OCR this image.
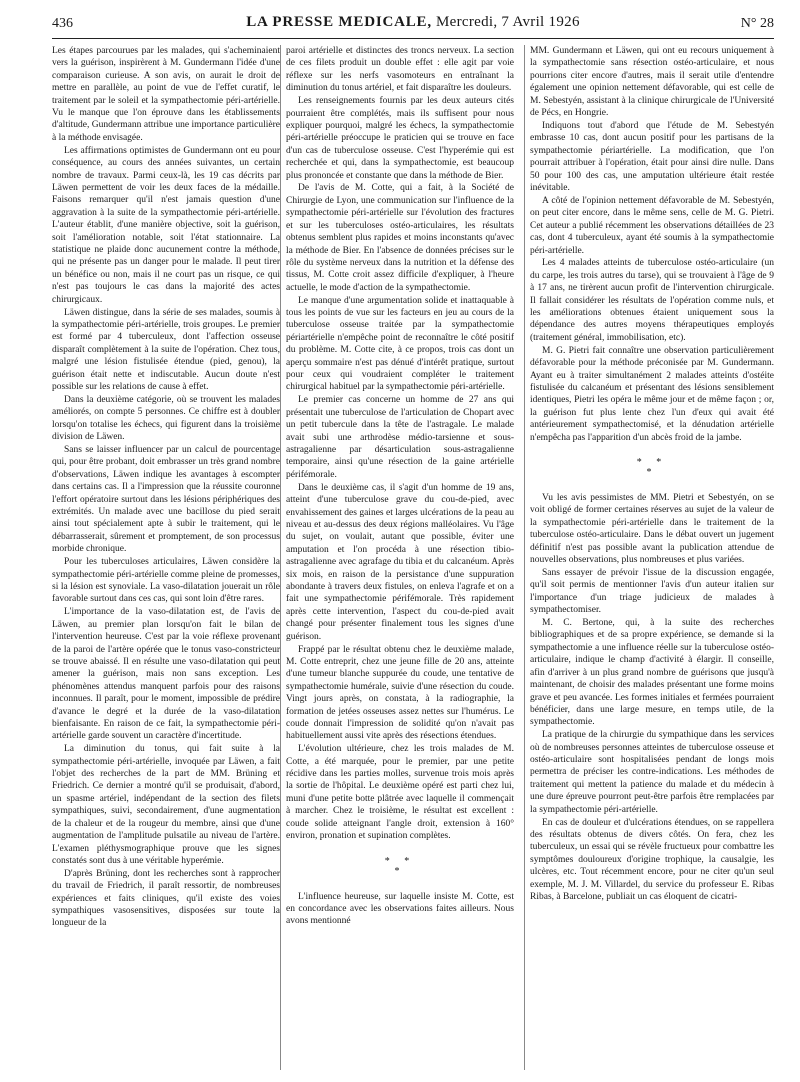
436	LA PRESSE MEDICALE, Mercredi, 7 Avril 1926	N° 28

Les étapes parcourues par les malades, qui s'acheminaient vers la guérison, inspirèrent à M. Gundermann l'idée d'une comparaison curieuse. A son avis, on aurait le droit de mettre en parallèle, au point de vue de l'effet curatif, le traitement par le soleil et la sympathectomie péri-artérielle. Vu le manque que l'on éprouve dans les établissements d'altitude, Gundermann attribue une importance particulière à la méthode envisagée.

Les affirmations optimistes de Gundermann ont eu pour conséquence, au cours des années suivantes, un certain nombre de travaux. Parmi ceux-là, les 19 cas décrits par Läwen permettent de voir les deux faces de la médaille. Faisons remarquer qu'il n'est jamais question d'une aggravation à la suite de la sympathectomie péri-artérielle. L'auteur établit, d'une manière objective, soit la guérison, soit l'amélioration notable, soit l'état stationnaire. La statistique ne plaide donc aucunement contre la méthode, qui ne présente pas un danger pour le malade. Il peut tirer un bénéfice ou non, mais il ne court pas un risque, ce qui n'est pas toujours le cas dans la majorité des actes chirurgicaux.

Läwen distingue, dans la série de ses malades, soumis à la sympathectomie péri-artérielle, trois groupes. Le premier est formé par 4 tuberculeux, dont l'affection osseuse disparaît complètement à la suite de l'opération. Chez tous, malgré une lésion fistulisée étendue (pied, genou), la guérison était nette et indiscutable. Aucun doute n'est possible sur les relations de cause à effet.

Dans la deuxième catégorie, où se trouvent les malades améliorés, on compte 5 personnes. Ce chiffre est à doubler lorsqu'on totalise les échecs, qui figurent dans la troisième division de Läwen.

Sans se laisser influencer par un calcul de pourcentage qui, pour être probant, doit embrasser un très grand nombre d'observations, Läwen indique les avantages à escompter dans certains cas. Il a l'impression que la réussite couronne l'effort opératoire surtout dans les lésions périphériques des extrémités. Un malade avec une bacillose du pied serait ainsi tout spécialement apte à subir le traitement, qui le débarrasserait, sûrement et promptement, de son processus morbide chronique.

Pour les tuberculoses articulaires, Läwen considère la sympathectomie péri-artérielle comme pleine de promesses, si la lésion est synoviale. La vaso-dilatation jouerait un rôle favorable surtout dans ces cas, qui sont loin d'être rares.

L'importance de la vaso-dilatation est, de l'avis de Läwen, au premier plan lorsqu'on fait le bilan de l'intervention heureuse. C'est par la voie réflexe provenant de la paroi de l'artère opérée que le tonus vaso-constricteur se trouve abaissé. Il en résulte une vaso-dilatation qui peut amener la guérison, mais non sans exception. Les phénomènes attendus manquent parfois pour des raisons inconnues. Il paraît, pour le moment, impossible de prédire d'avance le degré et la durée de la vaso-dilatation bienfaisante. En raison de ce fait, la sympathectomie péri-artérielle garde souvent un caractère d'incertitude.

La diminution du tonus, qui fait suite à la sympathectomie péri-artérielle, invoquée par Läwen, a fait l'objet des recherches de la part de MM. Brüning et Friedrich. Ce dernier a montré qu'il se produisait, d'abord, un spasme artériel, indépendant de la section des filets sympathiques, suivi, secondairement, d'une augmentation de la chaleur et de la rougeur du membre, ainsi que d'une augmentation de l'amplitude pulsatile au niveau de l'artère. L'examen pléthysmographique prouve que les signes constatés sont dus à une véritable hyperémie.

D'après Brüning, dont les recherches sont à rapprocher du travail de Friedrich, il paraît ressortir, de nombreuses expériences et faits cliniques, qu'il existe des voies sympathiques vasosensitives, disposées sur toute la longueur de la

paroi artérielle et distinctes des troncs nerveux. La section de ces filets produit un double effet : elle agit par voie réflexe sur les nerfs vasomoteurs en entraînant la diminution du tonus artériel, et fait disparaître les douleurs.

Les renseignements fournis par les deux auteurs cités pourraient être complétés, mais ils suffisent pour nous expliquer pourquoi, malgré les échecs, la sympathectomie péri-artérielle préoccupe le praticien qui se trouve en face d'un cas de tuberculose osseuse. C'est l'hyperémie qui est recherchée et qui, dans la sympathectomie, est beaucoup plus prononcée et constante que dans la méthode de Bier.

De l'avis de M. Cotte, qui a fait, à la Société de Chirurgie de Lyon, une communication sur l'influence de la sympathectomie péri-artérielle sur l'évolution des fractures et sur les tuberculoses ostéo-articulaires, les résultats obtenus semblent plus rapides et moins inconstants qu'avec la méthode de Bier. En l'absence de données précises sur le rôle du système nerveux dans la nutrition et la défense des tissus, M. Cotte croit assez difficile d'expliquer, à l'heure actuelle, le mode d'action de la sympathectomie.

Le manque d'une argumentation solide et inattaquable à tous les points de vue sur les facteurs en jeu au cours de la tuberculose osseuse traitée par la sympathectomie périartérielle n'empêche point de reconnaître le côté positif du problème. M. Cotte cite, à ce propos, trois cas dont un aperçu sommaire n'est pas dénué d'intérêt pratique, surtout pour ceux qui voudraient compléter le traitement chirurgical habituel par la sympathectomie péri-artérielle.

Le premier cas concerne un homme de 27 ans qui présentait une tuberculose de l'articulation de Chopart avec un petit tubercule dans la tête de l'astragale. Le malade avait subi une arthrodèse médio-tarsienne et sous-astragalienne par désarticulation sous-astragalienne temporaire, ainsi qu'une résection de la gaine artérielle périfémorale.

Dans le deuxième cas, il s'agit d'un homme de 19 ans, atteint d'une tuberculose grave du cou-de-pied, avec envahissement des gaines et larges ulcérations de la peau au niveau et au-dessus des deux régions malléolaires. Vu l'âge du sujet, on voulait, autant que possible, éviter une amputation et l'on procéda à une résection tibio-astragalienne avec agrafage du tibia et du calcanéum. Après six mois, en raison de la persistance d'une suppuration abondante à travers deux fistules, on enleva l'agrafe et on a fait une sympathectomie périfémorale. Très rapidement après cette intervention, l'aspect du cou-de-pied avait changé pour présenter finalement tous les signes d'une guérison.

Frappé par le résultat obtenu chez le deuxième malade, M. Cotte entreprit, chez une jeune fille de 20 ans, atteinte d'une tumeur blanche suppurée du coude, une tentative de sympathectomie humérale, suivie d'une résection du coude. Vingt jours après, on constata, à la radiographie, la formation de jetées osseuses assez nettes sur l'humérus. Le coude donnait l'impression de solidité qu'on n'avait pas habituellement aussi vite après des résections étendues.

L'évolution ultérieure, chez les trois malades de M. Cotte, a été marquée, pour le premier, par une petite récidive dans les parties molles, survenue trois mois après la sortie de l'hôpital. Le deuxième opéré est parti chez lui, muni d'une petite botte plâtrée avec laquelle il commençait à marcher. Chez le troisième, le résultat est excellent : coude solide atteignant l'angle droit, extension à 160° environ, pronation et supination complètes.

* *
*

L'influence heureuse, sur laquelle insiste M. Cotte, est en concordance avec les observations faites ailleurs. Nous avons mentionné

MM. Gundermann et Läwen, qui ont eu recours uniquement à la sympathectomie sans résection ostéo-articulaire, et nous pourrions citer encore d'autres, mais il serait utile d'entendre également une opinion nettement défavorable, qui est celle de M. Sebestyén, assistant à la clinique chirurgicale de l'Université de Pécs, en Hongrie.

Indiquons tout d'abord que l'étude de M. Sebestyén embrasse 10 cas, dont aucun positif pour les partisans de la sympathectomie périartérielle. La modification, que l'on pourrait attribuer à l'opération, était pour ainsi dire nulle. Dans 50 pour 100 des cas, une amputation ultérieure était restée inévitable.

A côté de l'opinion nettement défavorable de M. Sebestyén, on peut citer encore, dans le même sens, celle de M. G. Pietri. Cet auteur a publié récemment les observations détaillées de 23 cas, dont 4 tuberculeux, ayant été soumis à la sympathectomie péri-artérielle.

Les 4 malades atteints de tuberculose ostéo-articulaire (un du carpe, les trois autres du tarse), qui se trouvaient à l'âge de 9 à 17 ans, ne tirèrent aucun profit de l'intervention chirurgicale. Il fallait considérer les résultats de l'opération comme nuls, et les améliorations obtenues étaient uniquement sous la dépendance des autres moyens thérapeutiques employés (traitement général, immobilisation, etc).

M. G. Pietri fait connaître une observation particulièrement défavorable pour la méthode préconisée par M. Gundermann. Ayant eu à traiter simultanément 2 malades atteints d'ostéite fistulisée du calcanéum et présentant des lésions sensiblement identiques, Pietri les opéra le même jour et de même façon ; or, la guérison fut plus lente chez l'un d'eux qui avait été antérieurement sympathectomisé, et la dénudation artérielle n'empêcha pas l'apparition d'un abcès froid de la jambe.

* *
*

Vu les avis pessimistes de MM. Pietri et Sebestyén, on se voit obligé de former certaines réserves au sujet de la valeur de la sympathectomie péri-artérielle dans le traitement de la tuberculose ostéo-articulaire. Dans le débat ouvert un jugement définitif n'est pas possible avant la publication attendue de nouvelles observations, plus nombreuses et plus variées.

Sans essayer de prévoir l'issue de la discussion engagée, qu'il soit permis de mentionner l'avis d'un auteur italien sur l'importance d'un triage judicieux de malades à sympathectomiser.

M. C. Bertone, qui, à la suite des recherches bibliographiques et de sa propre expérience, se demande si la sympathectomie a une influence réelle sur la tuberculose ostéo-articulaire, indique le champ d'activité à élargir. Il conseille, afin d'arriver à un plus grand nombre de guérisons que jusqu'à maintenant, de choisir des malades présentant une forme moins grave et peu avancée. Les formes initiales et fermées pourraient bénéficier, dans une large mesure, en temps utile, de la sympathectomie.

La pratique de la chirurgie du sympathique dans les services où de nombreuses personnes atteintes de tuberculose osseuse et ostéo-articulaire sont hospitalisées pendant de longs mois permettra de préciser les contre-indications. Les méthodes de traitement qui mettent la patience du malade et du médecin à une dure épreuve pourront peut-être parfois être remplacées par la sympathectomie péri-artérielle.

En cas de douleur et d'ulcérations étendues, on se rappellera des résultats obtenus de divers côtés. On fera, chez les tuberculeux, un essai qui se révèle fructueux pour combattre les symptômes douloureux d'origine trophique, la causalgie, les ulcères, etc. Tout récemment encore, pour ne citer qu'un seul exemple, M. J. M. Villardel, du service du professeur E. Ribas Ribas, à Barcelone, publiait un cas éloquent de cicatri-
